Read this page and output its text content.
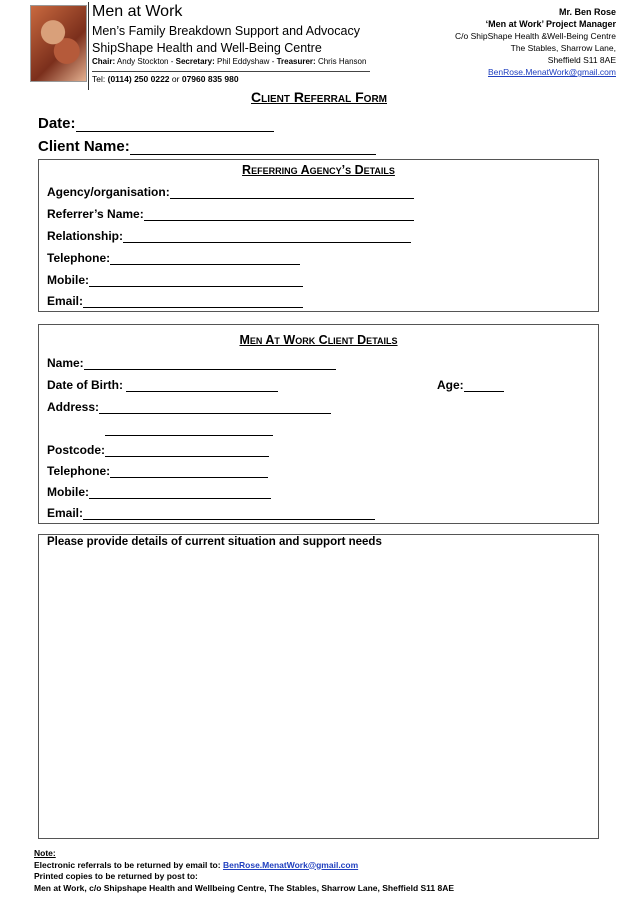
Men at Work
Men’s Family Breakdown Support and Advocacy
ShipShape Health and Well-Being Centre
Chair: Andy Stockton - Secretary: Phil Eddyshaw - Treasurer: Chris Hanson
Tel: (0114) 250 0222 or 07960 835 980
Mr. Ben Rose
‘Men at Work’ Project Manager
C/o ShipShape Health &Well-Being Centre
The Stables, Sharrow Lane,
Sheffield S11 8AE
BenRose.MenatWork@gmail.com
Client Referral Form
Date:
Client Name:
Referring Agency’s Details
Agency/organisation:
Referrer’s Name:
Relationship:
Telephone:
Mobile:
Email:
Men At Work Client Details
Name:
Date of Birth:	Age:
Address:
Postcode:
Telephone:
Mobile:
Email:
Please provide details of current situation and support needs
Note:
Electronic referrals to be returned by email to: BenRose.MenatWork@gmail.com
Printed copies to be returned by post to:
Men at Work, c/o Shipshape Health and Wellbeing Centre, The Stables, Sharrow Lane, Sheffield S11 8AE
